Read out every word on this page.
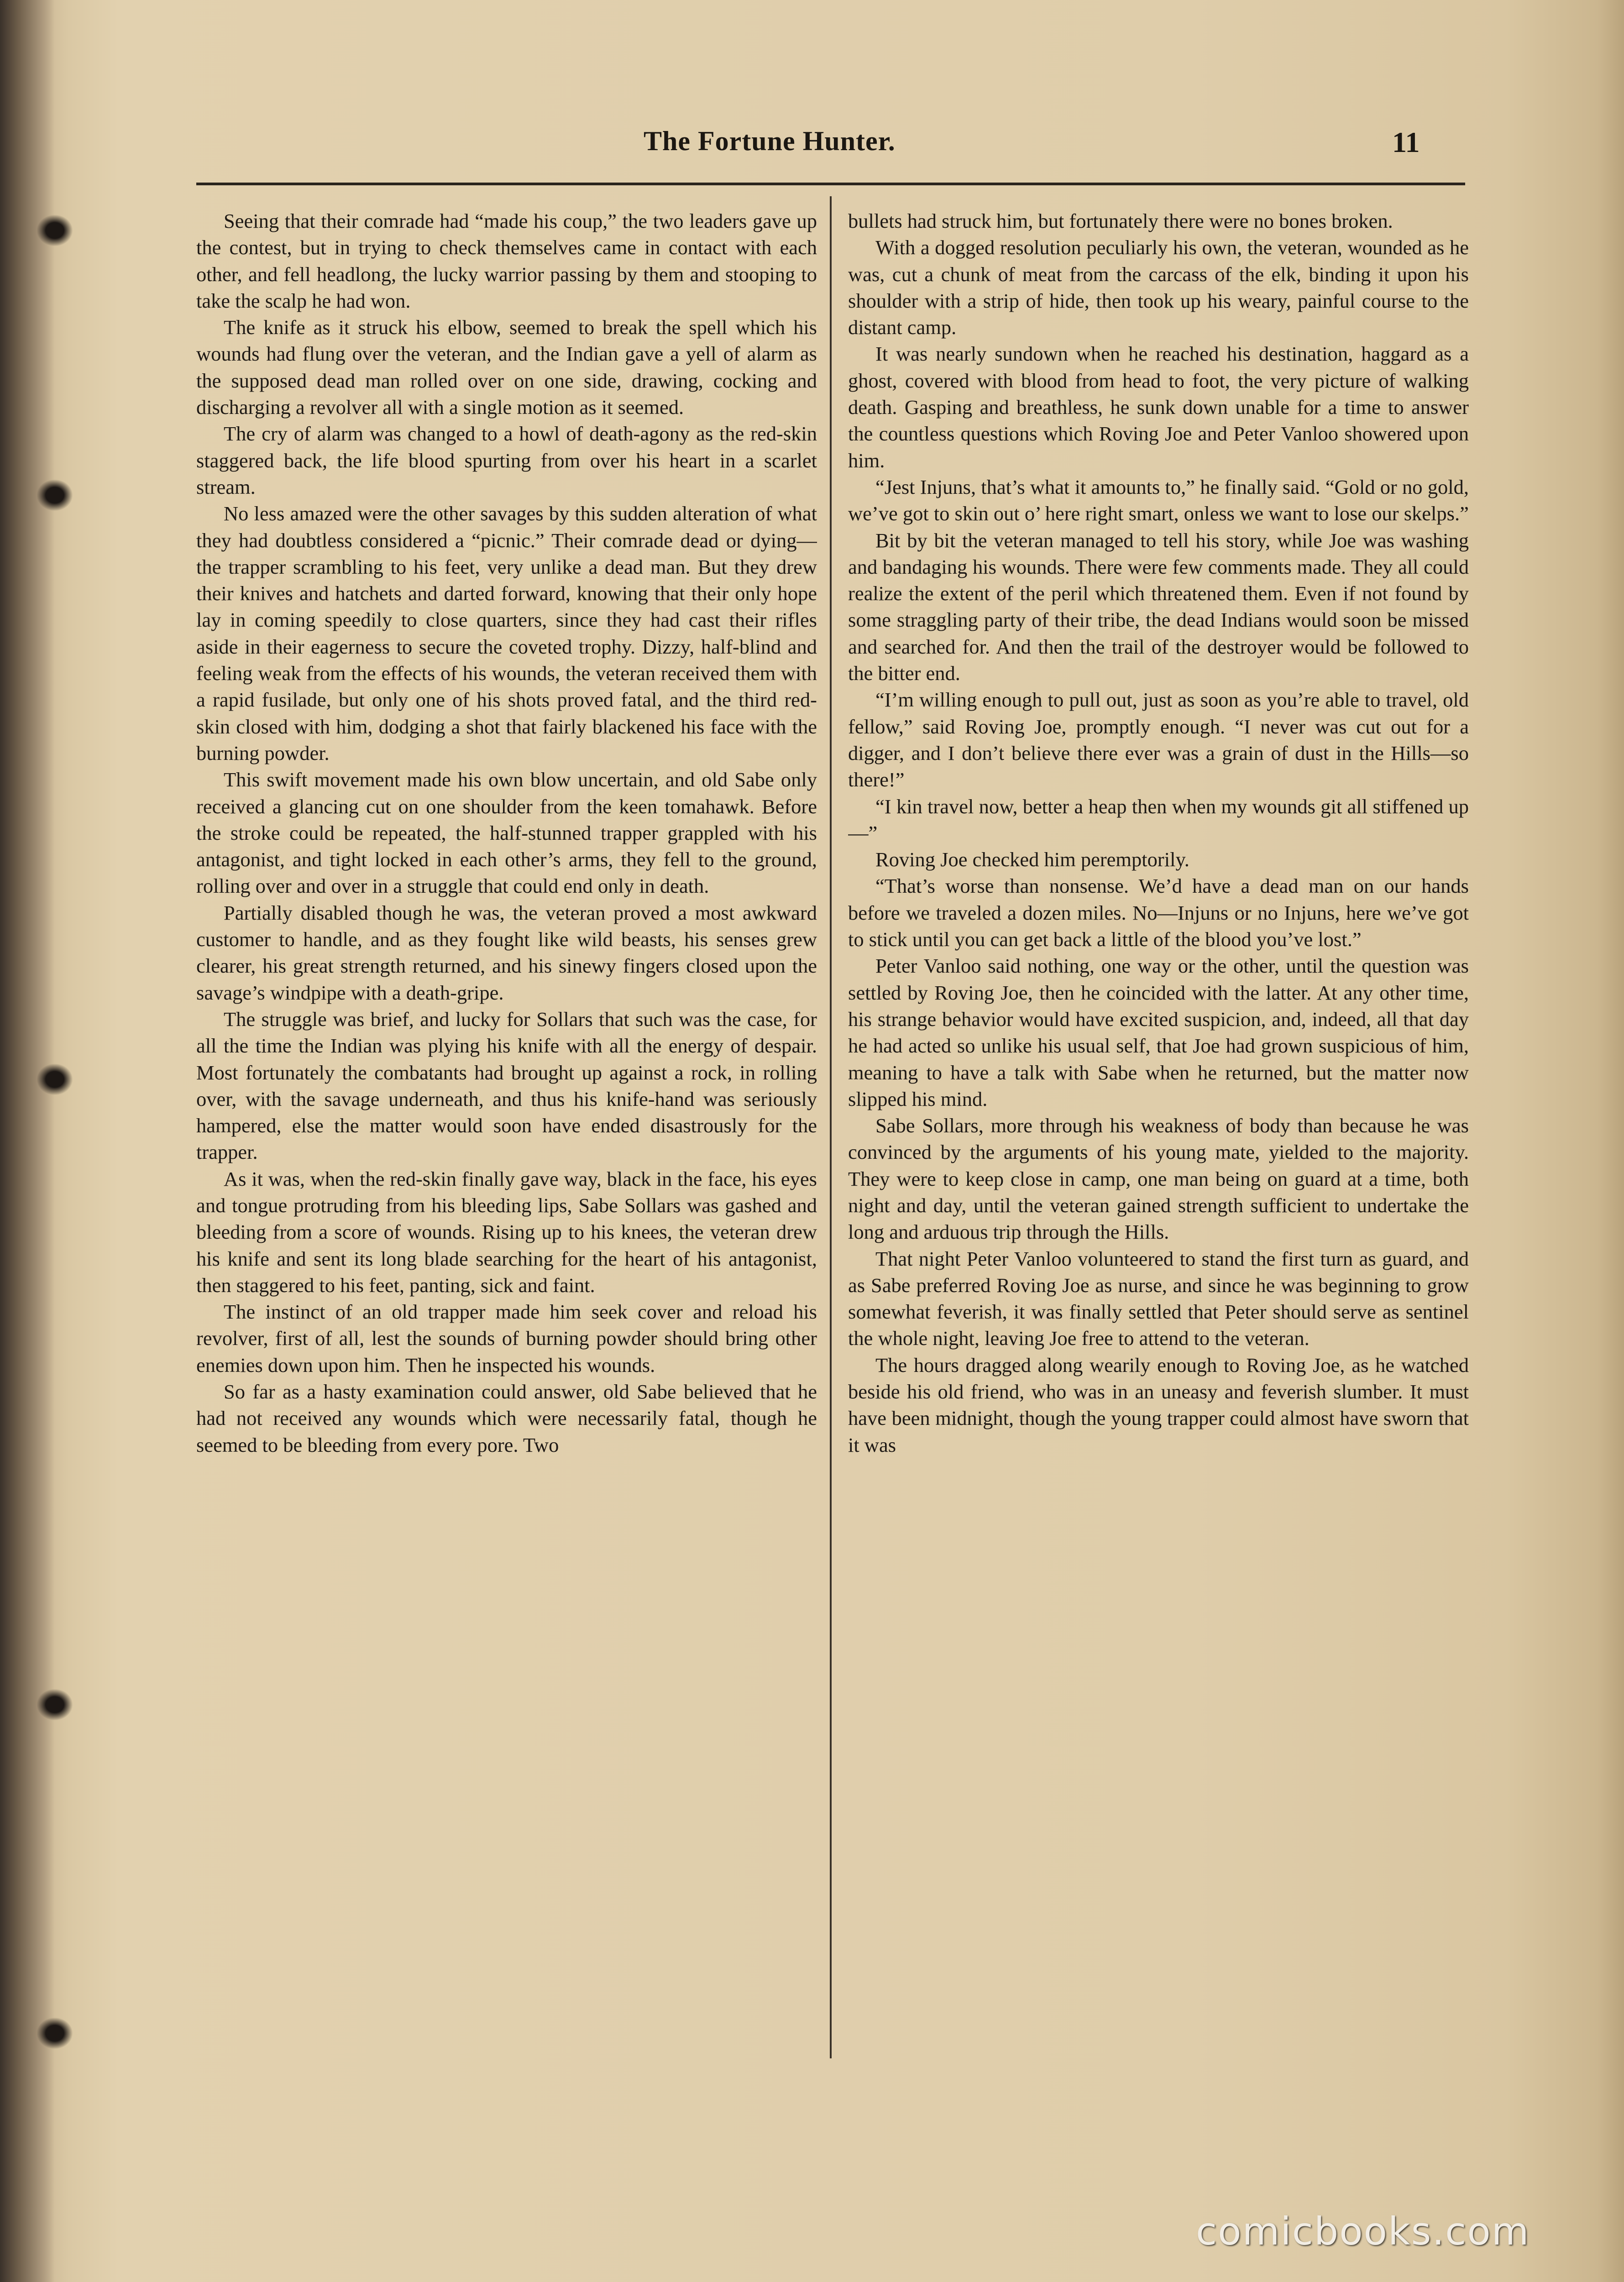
The Fortune Hunter.	11

Seeing that their comrade had “made his coup,” the two leaders gave up the contest, but in trying to check themselves came in contact with each other, and fell headlong, the lucky warrior passing by them and stooping to take the scalp he had won.

The knife as it struck his elbow, seemed to break the spell which his wounds had flung over the veteran, and the Indian gave a yell of alarm as the supposed dead man rolled over on one side, drawing, cocking and discharging a revolver all with a single motion as it seemed.

The cry of alarm was changed to a howl of death-agony as the red-skin staggered back, the life blood spurting from over his heart in a scarlet stream.

No less amazed were the other savages by this sudden alteration of what they had doubtless considered a “picnic.” Their comrade dead or dying—the trapper scrambling to his feet, very unlike a dead man. But they drew their knives and hatchets and darted forward, knowing that their only hope lay in coming speedily to close quarters, since they had cast their rifles aside in their eagerness to secure the coveted trophy. Dizzy, half-blind and feeling weak from the effects of his wounds, the veteran received them with a rapid fusilade, but only one of his shots proved fatal, and the third red-skin closed with him, dodging a shot that fairly blackened his face with the burning powder.

This swift movement made his own blow uncertain, and old Sabe only received a glancing cut on one shoulder from the keen tomahawk. Before the stroke could be repeated, the half-stunned trapper grappled with his antagonist, and tight locked in each other’s arms, they fell to the ground, rolling over and over in a struggle that could end only in death.

Partially disabled though he was, the veteran proved a most awkward customer to handle, and as they fought like wild beasts, his senses grew clearer, his great strength returned, and his sinewy fingers closed upon the savage’s windpipe with a death-gripe.

The struggle was brief, and lucky for Sollars that such was the case, for all the time the Indian was plying his knife with all the energy of despair. Most fortunately the combatants had brought up against a rock, in rolling over, with the savage underneath, and thus his knife-hand was seriously hampered, else the matter would soon have ended disastrously for the trapper.

As it was, when the red-skin finally gave way, black in the face, his eyes and tongue protruding from his bleeding lips, Sabe Sollars was gashed and bleeding from a score of wounds. Rising up to his knees, the veteran drew his knife and sent its long blade searching for the heart of his antagonist, then staggered to his feet, panting, sick and faint.

The instinct of an old trapper made him seek cover and reload his revolver, first of all, lest the sounds of burning powder should bring other enemies down upon him. Then he inspected his wounds.

So far as a hasty examination could answer, old Sabe believed that he had not received any wounds which were necessarily fatal, though he seemed to be bleeding from every pore. Two

bullets had struck him, but fortunately there were no bones broken.

With a dogged resolution peculiarly his own, the veteran, wounded as he was, cut a chunk of meat from the carcass of the elk, binding it upon his shoulder with a strip of hide, then took up his weary, painful course to the distant camp.

It was nearly sundown when he reached his destination, haggard as a ghost, covered with blood from head to foot, the very picture of walking death. Gasping and breathless, he sunk down unable for a time to answer the countless questions which Roving Joe and Peter Vanloo showered upon him.

“Jest Injuns, that’s what it amounts to,” he finally said. “Gold or no gold, we’ve got to skin out o’ here right smart, onless we want to lose our skelps.”

Bit by bit the veteran managed to tell his story, while Joe was washing and bandaging his wounds. There were few comments made. They all could realize the extent of the peril which threatened them. Even if not found by some straggling party of their tribe, the dead Indians would soon be missed and searched for. And then the trail of the destroyer would be followed to the bitter end.

“I’m willing enough to pull out, just as soon as you’re able to travel, old fellow,” said Roving Joe, promptly enough. “I never was cut out for a digger, and I don’t believe there ever was a grain of dust in the Hills—so there!”

“I kin travel now, better a heap then when my wounds git all stiffened up—”

Roving Joe checked him peremptorily.

“That’s worse than nonsense. We’d have a dead man on our hands before we traveled a dozen miles. No—Injuns or no Injuns, here we’ve got to stick until you can get back a little of the blood you’ve lost.”

Peter Vanloo said nothing, one way or the other, until the question was settled by Roving Joe, then he coincided with the latter. At any other time, his strange behavior would have excited suspicion, and, indeed, all that day he had acted so unlike his usual self, that Joe had grown suspicious of him, meaning to have a talk with Sabe when he returned, but the matter now slipped his mind.

Sabe Sollars, more through his weakness of body than because he was convinced by the arguments of his young mate, yielded to the majority. They were to keep close in camp, one man being on guard at a time, both night and day, until the veteran gained strength sufficient to undertake the long and arduous trip through the Hills.

That night Peter Vanloo volunteered to stand the first turn as guard, and as Sabe preferred Roving Joe as nurse, and since he was beginning to grow somewhat feverish, it was finally settled that Peter should serve as sentinel the whole night, leaving Joe free to attend to the veteran.

The hours dragged along wearily enough to Roving Joe, as he watched beside his old friend, who was in an uneasy and feverish slumber. It must have been midnight, though the young trapper could almost have sworn that it was

comicbooks.com
